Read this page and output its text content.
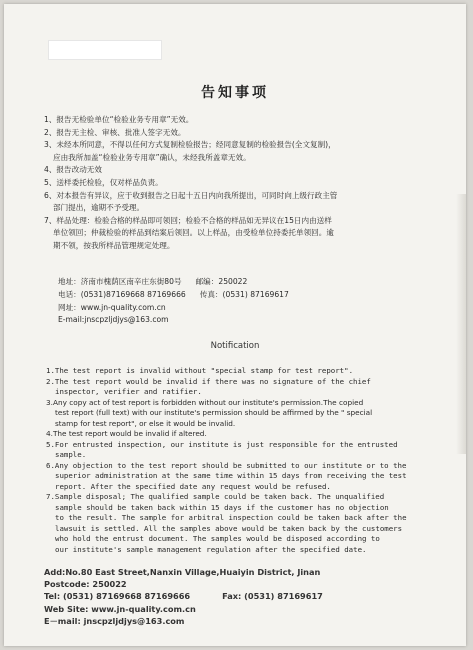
告知事项
1、报告无检验单位“检验业务专用章”无效。
2、报告无主检、审核、批准人签字无效。
3、未经本所同意，不得以任何方式复制检验报告；经同意复制的检验报告(全文复制)，
应由我所加盖“检验业务专用章”确认，未经我所盖章无效。
4、报告改动无效
5、送样委托检验，仅对样品负责。
6、对本报告有异议，应于收到报告之日起十五日内向我所提出，可同时向上级行政主管
部门提出，逾期不予受理。
7、样品处理：检验合格的样品即可领回；检验不合格的样品如无异议在15日内由送样
单位领回；仲裁检验的样品到结案后领回。以上样品，由受检单位持委托单领回。逾
期不领，按我所样品管理规定处理。
地址：济南市槐荫区南辛庄东街80号 邮编：250022
电话：(0531)87169668 87169666 传真：(0531) 87169617
网址：www.jn-quality.com.cn
E-mail:jnscpzljdjys@163.com
Notification
1.The test report is invalid without "special stamp for test report".
2.The test report would be invalid if there was no signature of the chief
inspector, verifier and ratifier.
3.Any copy act of test report is forbidden without our institute's permission.The copied
test report (full text) with our institute's permission should be affirmed by the " special
stamp for test report", or else it would be invalid.
4.The test report would be invalid if altered.
5.For entrusted inspection, our institute is just responsible for the entrusted
sample.
6.Any objection to the test report should be submitted to our institute or to the
superior administration at the same time within 15 days from receiving the test
report. After the specified date any request would be refused.
7.Sample disposal; The qualified sample could be taken back. The unqualified
sample should be taken back within 15 days if the customer has no objection
to the result. The sample for arbitral inspection could be taken back after the
lawsuit is settled. All the samples above would be taken back by the customers
who hold the entrust document. The samples would be disposed according to
our institute's sample management regulation after the specified date.
Add:No.80 East Street,Nanxin Village,Huaiyin District, Jinan
Postcode: 250022
Tel: (0531) 87169668 87169666	Fax: (0531) 87169617
Web Site: www.jn-quality.com.cn
E－mail: jnscpzljdjys@163.com
